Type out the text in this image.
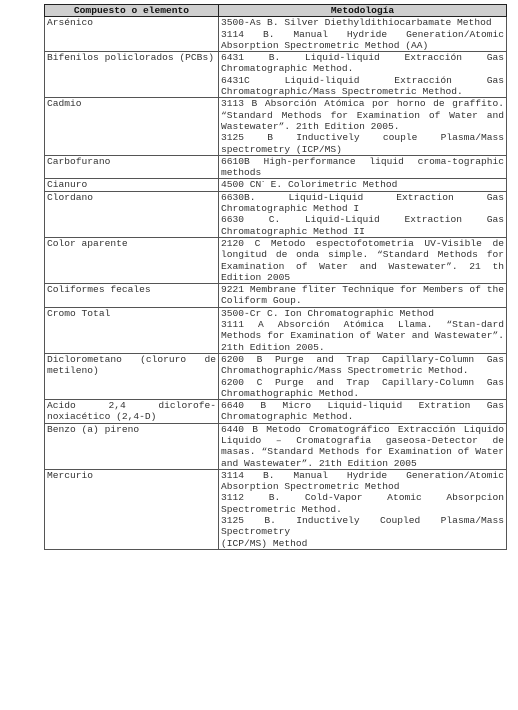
Compuesto o elemento	Metodología
Arsénico	3500-As B. Silver Diethyldithiocarbamate Method
3114 B. Manual Hydride Generation/Atomic Absorption Spectrometric Method (AA)

Bifenilos policlorados (PCBs)	6431 B. Liquid-liquid Extracción Gas Chromatographic Method.
6431C Liquid-liquid Extracción Gas Chromatographic/Mass Spectrometric Method.

Cadmio	3113 B Absorción Atómica por horno de graffito. “Standard Methods for Examination of Water and Wastewater”. 21th Edition 2005.
3125 B Inductively couple Plasma/Mass spectrometry (ICP/MS)

Carbofurano	6610B High-performance liquid croma-tographic methods

Cianuro	4500 CN- E. Colorimetric Method

Clordano	6630B. Liquid-Liquid Extraction Gas Chromatographic Method I
6630 C. Liquid-Liquid Extraction Gas Chromatographic Method II

Color aparente	2120 C Metodo espectofotometria UV-Visible de longitud de onda simple. “Standard Methods for Examination of Water and Wastewater”. 21 th Edition 2005

Coliformes fecales	9221 Membrane fliter Technique for Members of the Coliform Goup.

Cromo Total	3500-Cr C. Ion Chromatographic Method
3111 A Absorción Atómica Llama. “Stan-dard Methods for Examination of Water and Wastewater”. 21th Edition 2005.

Diclorometano (cloruro de metileno)	6200 B Purge and Trap Capillary-Column Gas Chromathographic/Mass Spectrometric Method.
6200 C Purge and Trap Capillary-Column Gas Chromathographic Method.

Acido 2,4 diclorofe-noxiacético (2,4-D)	6640 B Micro Liquid-liquid Extration Gas Chromatographic Method.

Benzo (a) pireno	6440 B Metodo Cromatográfico Extracción Liquido Liquido – Cromatografia gaseosa-Detector de masas. “Standard Methods for Examination of Water and Wastewater”. 21th Edition 2005

Mercurio	3114 B. Manual Hydride Generation/Atomic Absorption Spectrometric Method
3112 B. Cold-Vapor Atomic Absorpcion Spectrometric Method.
3125 B. Inductively Coupled Plasma/Mass Spectrometry
(ICP/MS) Method
